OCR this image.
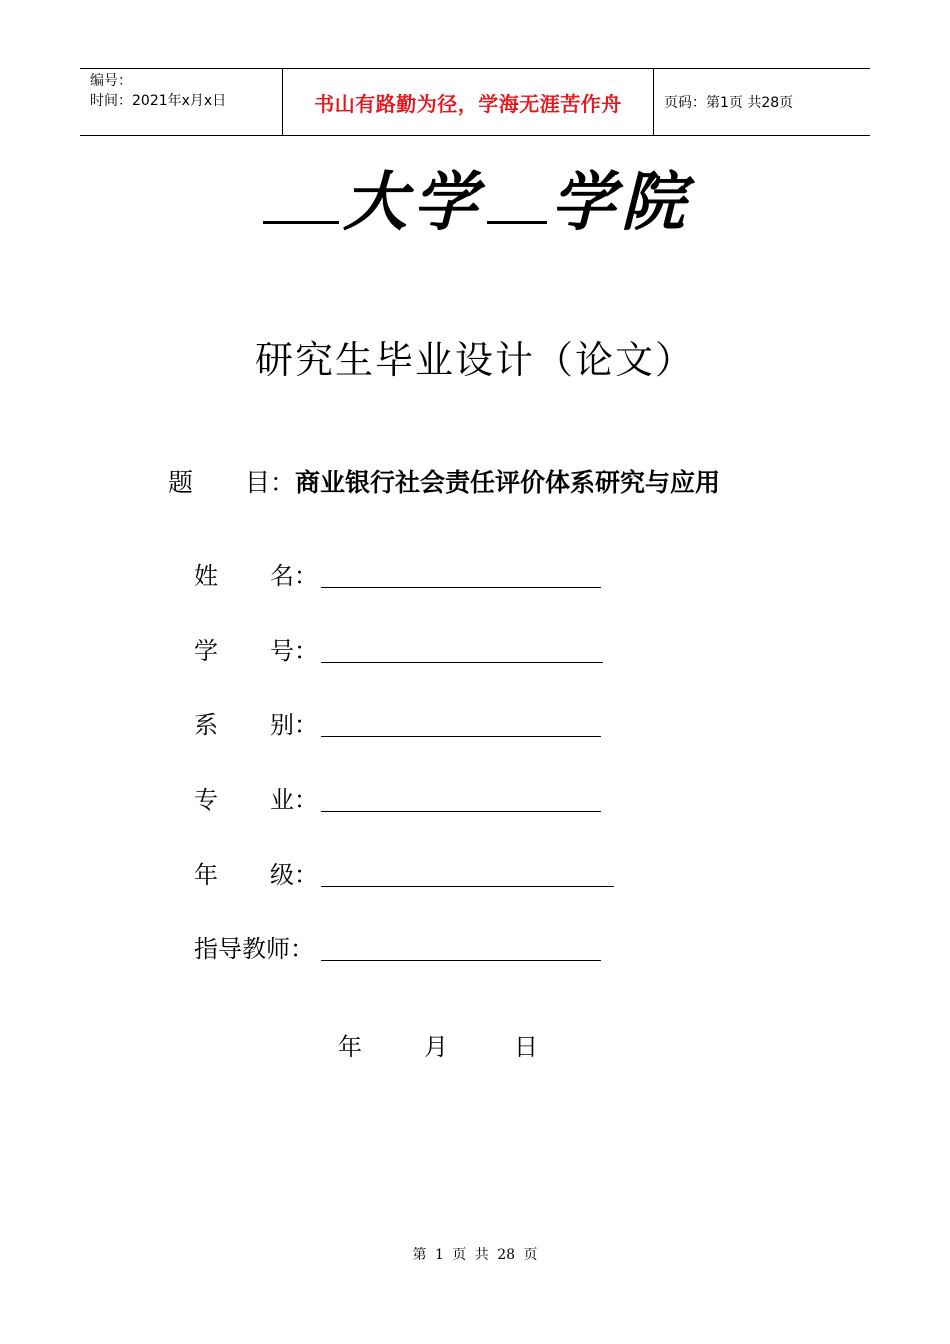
编号：
时间：2021年x月x日	书山有路勤为径，学海无涯苦作舟	页码：第1页 共28页
大学 学院
研究生毕业设计（论文）
题 目：商业银行社会责任评价体系研究与应用
姓 名：
学 号：
系 别：
专 业：
年 级：
指导教师：
年	月	日
第 1 页 共 28 页
